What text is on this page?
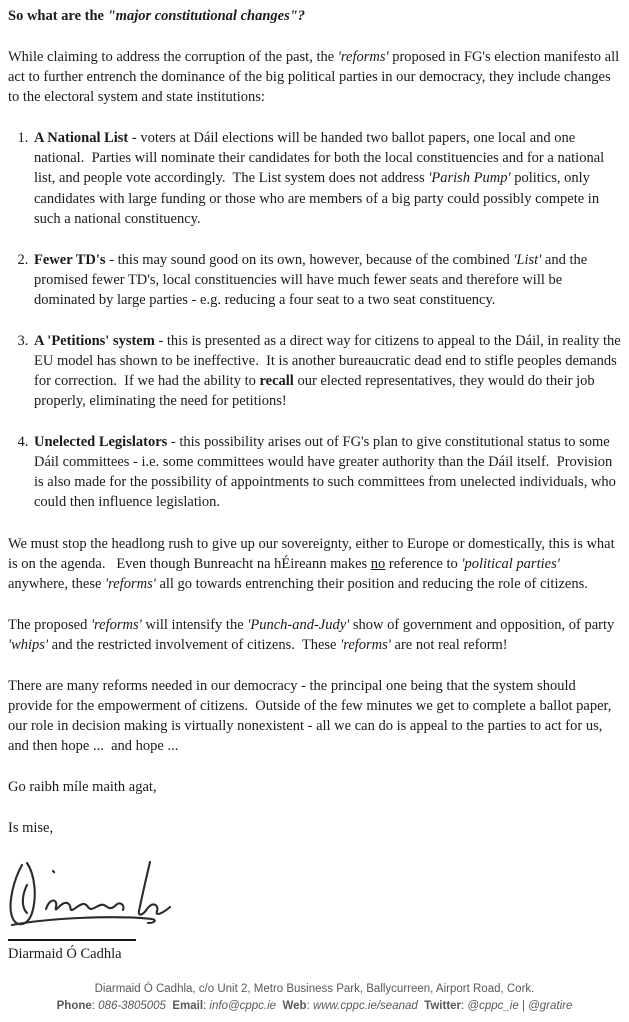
So what are the "major constitutional changes"?

While claiming to address the corruption of the past, the 'reforms' proposed in FG's election manifesto all act to further entrench the dominance of the big political parties in our democracy, they include changes to the electoral system and state institutions:

1. A National List - voters at Dáil elections will be handed two ballot papers, one local and one national.  Parties will nominate their candidates for both the local constituencies and for a national list, and people vote accordingly.  The List system does not address 'Parish Pump' politics, only candidates with large funding or those who are members of a big party could possibly compete in such a national constituency.
2. Fewer TD's - this may sound good on its own, however, because of the combined 'List' and the promised fewer TD's, local constituencies will have much fewer seats and therefore will be dominated by large parties - e.g. reducing a four seat to a two seat constituency.
3. A 'Petitions' system - this is presented as a direct way for citizens to appeal to the Dáil, in reality the EU model has shown to be ineffective.  It is another bureaucratic dead end to stifle peoples demands for correction.  If we had the ability to recall our elected representatives, they would do their job properly, eliminating the need for petitions!
4. Unelected Legislators - this possibility arises out of FG's plan to give constitutional status to some Dáil committees - i.e. some committees would have greater authority than the Dáil itself.  Provision is also made for the possibility of appointments to such committees from unelected individuals, who could then influence legislation.

We must stop the headlong rush to give up our sovereignty, either to Europe or domestically, this is what is on the agenda.   Even though Bunreacht na hÉireann makes no reference to 'political parties' anywhere, these 'reforms' all go towards entrenching their position and reducing the role of citizens.

The proposed 'reforms' will intensify the 'Punch-and-Judy' show of government and opposition, of party 'whips' and the restricted involvement of citizens.  These 'reforms' are not real reform!

There are many reforms needed in our democracy - the principal one being that the system should provide for the empowerment of citizens.  Outside of the few minutes we get to complete a ballot paper, our role in decision making is virtually nonexistent - all we can do is appeal to the parties to act for us, and then hope ...  and hope ...

Go raibh míle maith agat,

Is mise,

Diarmaid Ó Cadhla
Diarmaid Ó Cadhla, c/o Unit 2, Metro Business Park, Ballycurreen, Airport Road, Cork.
Phone: 086-3805005 Email: info@cppc.ie Web: www.cppc.ie/seanad Twitter: @cppc_ie | @gratire
